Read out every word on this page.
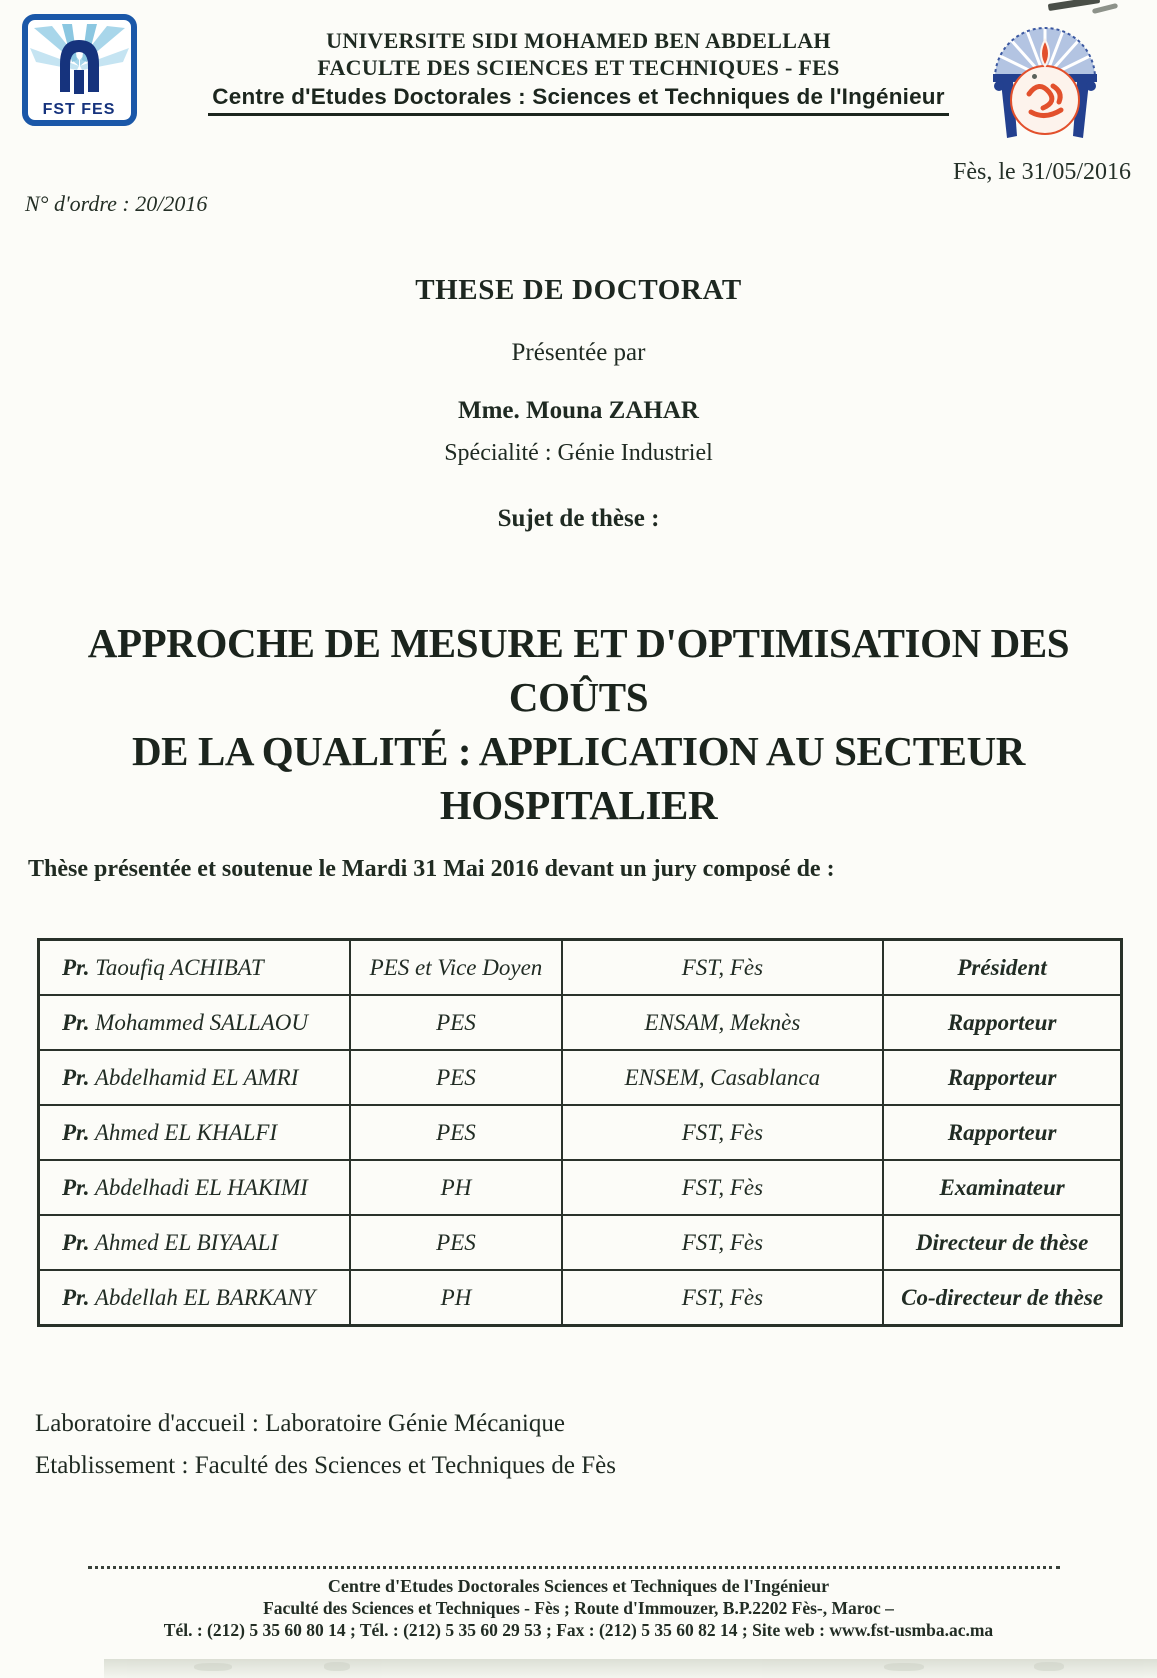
FST FES
UNIVERSITE SIDI MOHAMED BEN ABDELLAH
FACULTE DES SCIENCES ET TECHNIQUES - FES
Centre d'Etudes Doctorales : Sciences et Techniques de l'Ingénieur
Fès, le 31/05/2016
N° d'ordre : 20/2016
THESE DE DOCTORAT
Présentée par
Mme. Mouna ZAHAR
Spécialité : Génie Industriel
Sujet de thèse :
APPROCHE DE MESURE ET D'OPTIMISATION DES COÛTS
DE LA QUALITÉ : APPLICATION AU SECTEUR
HOSPITALIER
Thèse présentée et soutenue le Mardi 31 Mai 2016 devant un jury composé de :
Pr. Taoufiq ACHIBAT	PES et Vice Doyen	FST, Fès	Président
Pr. Mohammed SALLAOU	PES	ENSAM, Meknès	Rapporteur
Pr. Abdelhamid EL AMRI	PES	ENSEM, Casablanca	Rapporteur
Pr. Ahmed EL KHALFI	PES	FST, Fès	Rapporteur
Pr. Abdelhadi EL HAKIMI	PH	FST, Fès	Examinateur
Pr. Ahmed EL BIYAALI	PES	FST, Fès	Directeur de thèse
Pr. Abdellah EL BARKANY	PH	FST, Fès	Co-directeur de thèse
Laboratoire d'accueil : Laboratoire Génie Mécanique
Etablissement : Faculté des Sciences et Techniques de Fès
Centre d'Etudes Doctorales Sciences et Techniques de l'Ingénieur
Faculté des Sciences et Techniques - Fès ; Route d'Immouzer, B.P.2202 Fès-, Maroc –
Tél. : (212) 5 35 60 80 14 ; Tél. : (212) 5 35 60 29 53 ; Fax : (212) 5 35 60 82 14 ; Site web : www.fst-usmba.ac.ma
